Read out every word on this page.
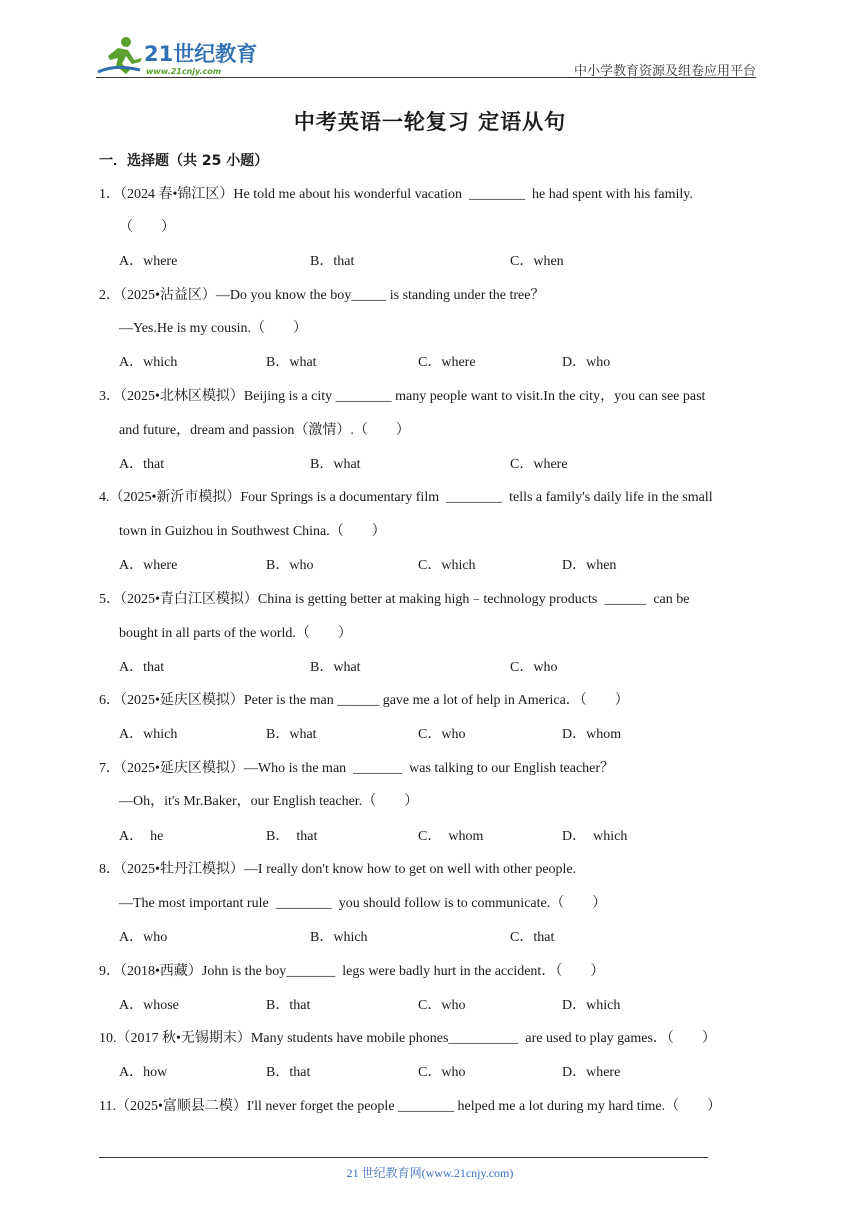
21世纪教育
www.21cnjy.com	中小学教育资源及组卷应用平台
中考英语一轮复习 定语从句
一．选择题（共 25 小题）
1．（2024 春•锦江区）He told me about his wonderful vacation  ________  he had spent with his family.
（　　）
A．where	B．that	C．when
2．（2025•沾益区）—Do you know the boy_____ is standing under the tree？
—Yes.He is my cousin.（　　）
A．which	B．what	C．where	D．who
3．（2025•北林区模拟）Beijing is a city ________ many people want to visit.In the city，you can see past
and future，dream and passion（激情）.（　　）
A．that	B．what	C．where
4.（2025•新沂市模拟）Four Springs is a documentary film  ________  tells a family's daily life in the small
town in Guizhou in Southwest China.（　　）
A．where	B．who	C．which	D．when
5．（2025•青白江区模拟）China is getting better at making high﹣technology products  ______  can be
bought in all parts of the world.（　　）
A．that	B．what	C．who
6．（2025•延庆区模拟）Peter is the man ______ gave me a lot of help in America．（　　）
A．which	B．what	C．who	D．whom
7．（2025•延庆区模拟）—Who is the man  _______  was talking to our English teacher？
—Oh，it's Mr.Baker，our English teacher.（　　）
A．  he	B．  that	C．  whom	D．  which
8．（2025•牡丹江模拟）—I really don't know how to get on well with other people.
—The most important rule  ________  you should follow is to communicate.（　　）
A．who	B．which	C．that
9．（2018•西藏）John is the boy_______  legs were badly hurt in the accident．（　　）
A．whose	B．that	C．who	D．which
10.（2017 秋•无锡期末）Many students have mobile phones__________  are used to play games．（　　）
A．how	B．that	C．who	D．where
11.（2025•富顺县二模）I'll never forget the people ________ helped me a lot during my hard time.（　　）
21 世纪教育网(www.21cnjy.com)
